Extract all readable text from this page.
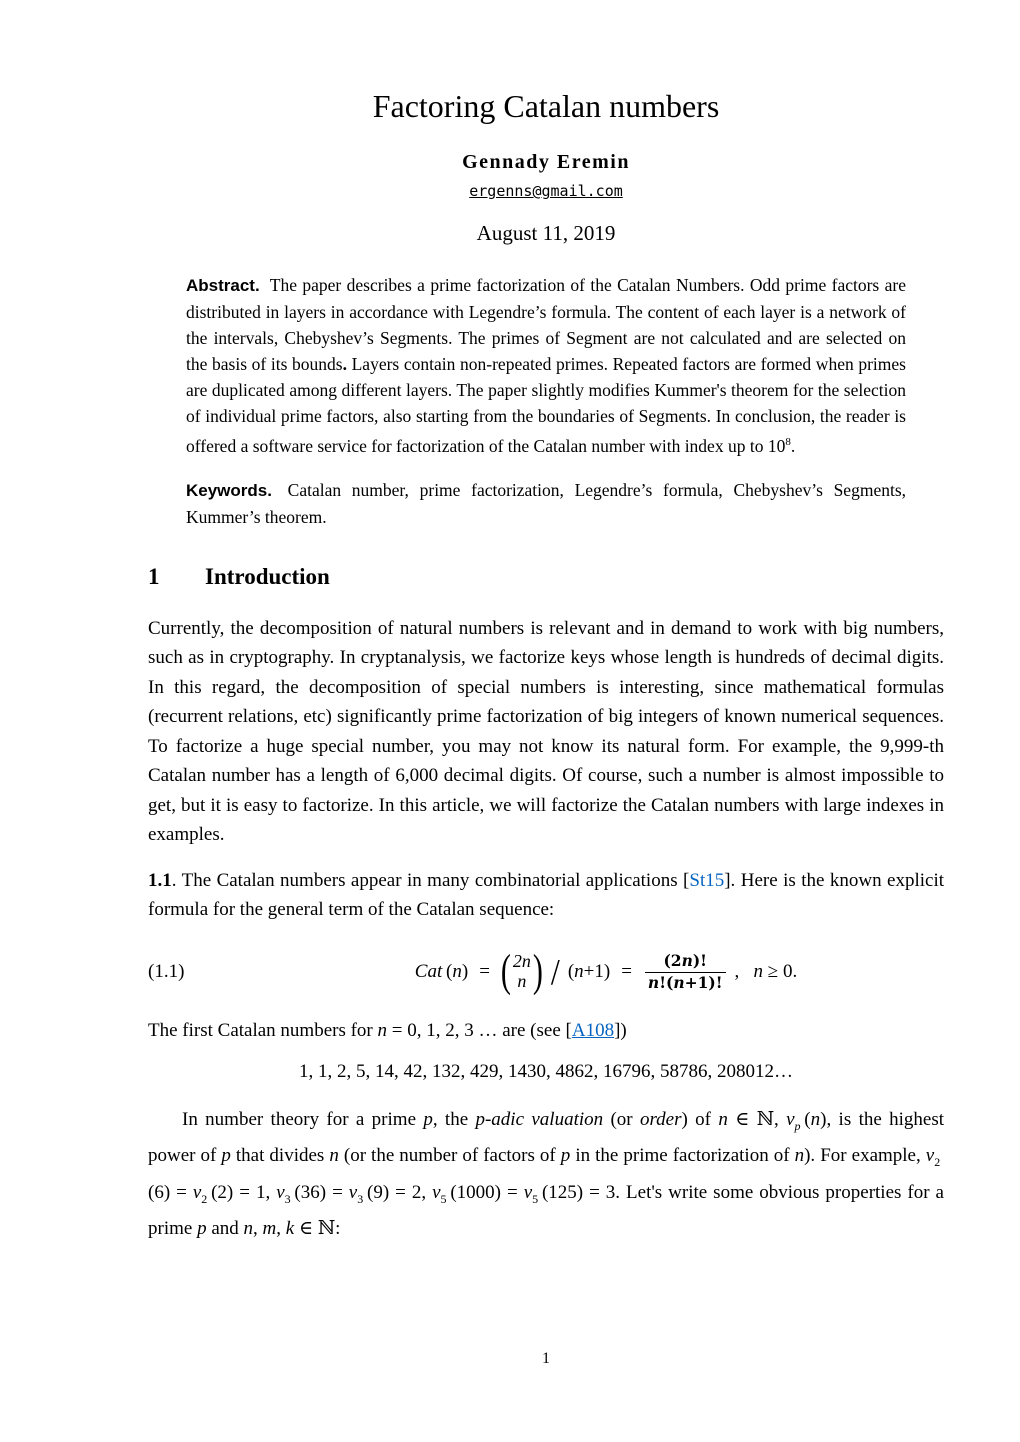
Factoring Catalan numbers
Gennady Eremin
ergenns@gmail.com
August 11, 2019

Abstract. The paper describes a prime factorization of the Catalan Numbers. Odd prime factors are distributed in layers in accordance with Legendre’s formula. The content of each layer is a network of the intervals, Chebyshev’s Segments. The primes of Segment are not calculated and are selected on the basis of its bounds. Layers contain non-repeated primes. Repeated factors are formed when primes are duplicated among different layers. The paper slightly modifies Kummer's theorem for the selection of individual prime factors, also starting from the boundaries of Segments. In conclusion, the reader is offered a software service for factorization of the Catalan number with index up to $10^8$.

Keywords. Catalan number, prime factorization, Legendre’s formula, Chebyshev’s Segments, Kummer’s theorem.

1	Introduction

Currently, the decomposition of natural numbers is relevant and in demand to work with big numbers, such as in cryptography. In cryptanalysis, we factorize keys whose length is hundreds of decimal digits. In this regard, the decomposition of special numbers is interesting, since mathematical formulas (recurrent relations, etc) significantly prime factorization of big integers of known numerical sequences. To factorize a huge special number, you may not know its natural form. For example, the 9,999-th Catalan number has a length of 6,000 decimal digits. Of course, such a number is almost impossible to get, but it is easy to factorize. In this article, we will factorize the Catalan numbers with large indexes in examples.

1.1. The Catalan numbers appear in many combinatorial applications [St15]. Here is the known explicit formula for the general term of the Catalan sequence:

(1.1)	Cat (n) = ( 2n
n ) / $(n+1) = \frac{(2n)!}{n!(n+1)!}$ ,   n ≥ 0.

The first Catalan numbers for n = 0, 1, 2, 3 … are (see [A108])

1, 1, 2, 5, 14, 42, 132, 429, 1430, 4862, 16796, 58786, 208012…

In number theory for a prime p, the p-adic valuation (or order) of n ∈ ℕ, $v_p$ (n), is the highest power of p that divides n (or the number of factors of p in the prime factorization of n). For example, $v_2$ $(6) = v_2$ (2) = 1, $v_3$ $(36) = v_3$ (9) = 2, $v_5$ $(1000) = v_5$ (125) = 3. Let's write some obvious properties for a prime p and n, m, k ∈ ℕ:

1
